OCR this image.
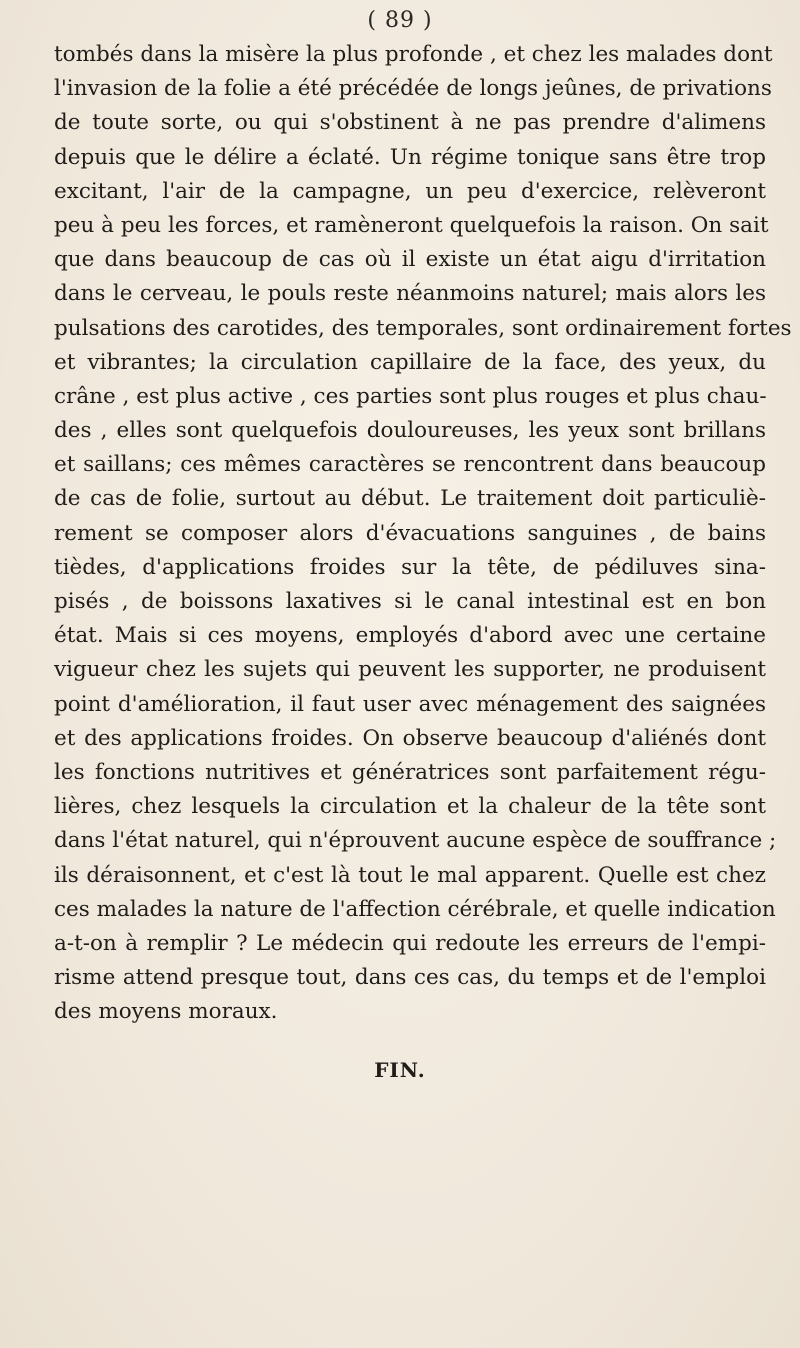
( 89 )
tombés dans la misère la plus profonde , et chez les malades dont
l'invasion de la folie a été précédée de longs jeûnes, de privations
de toute sorte, ou qui s'obstinent à ne pas prendre d'alimens
depuis que le délire a éclaté. Un régime tonique sans être trop
excitant, l'air de la campagne, un peu d'exercice, relèveront
peu à peu les forces, et ramèneront quelquefois la raison. On sait
que dans beaucoup de cas où il existe un état aigu d'irritation
dans le cerveau, le pouls reste néanmoins naturel; mais alors les
pulsations des carotides, des temporales, sont ordinairement fortes
et vibrantes; la circulation capillaire de la face, des yeux, du
crâne , est plus active , ces parties sont plus rouges et plus chau-
des , elles sont quelquefois douloureuses, les yeux sont brillans
et saillans; ces mêmes caractères se rencontrent dans beaucoup
de cas de folie, surtout au début. Le traitement doit particuliè-
rement se composer alors d'évacuations sanguines , de bains
tièdes, d'applications froides sur la tête, de pédiluves sina-
pisés , de boissons laxatives si le canal intestinal est en bon
état. Mais si ces moyens, employés d'abord avec une certaine
vigueur chez les sujets qui peuvent les supporter, ne produisent
point d'amélioration, il faut user avec ménagement des saignées
et des applications froides. On observe beaucoup d'aliénés dont
les fonctions nutritives et génératrices sont parfaitement régu-
lières, chez lesquels la circulation et la chaleur de la tête sont
dans l'état naturel, qui n'éprouvent aucune espèce de souffrance ;
ils déraisonnent, et c'est là tout le mal apparent. Quelle est chez
ces malades la nature de l'affection cérébrale, et quelle indication
a-t-on à remplir ? Le médecin qui redoute les erreurs de l'empi-
risme attend presque tout, dans ces cas, du temps et de l'emploi
des moyens moraux.
FIN.
